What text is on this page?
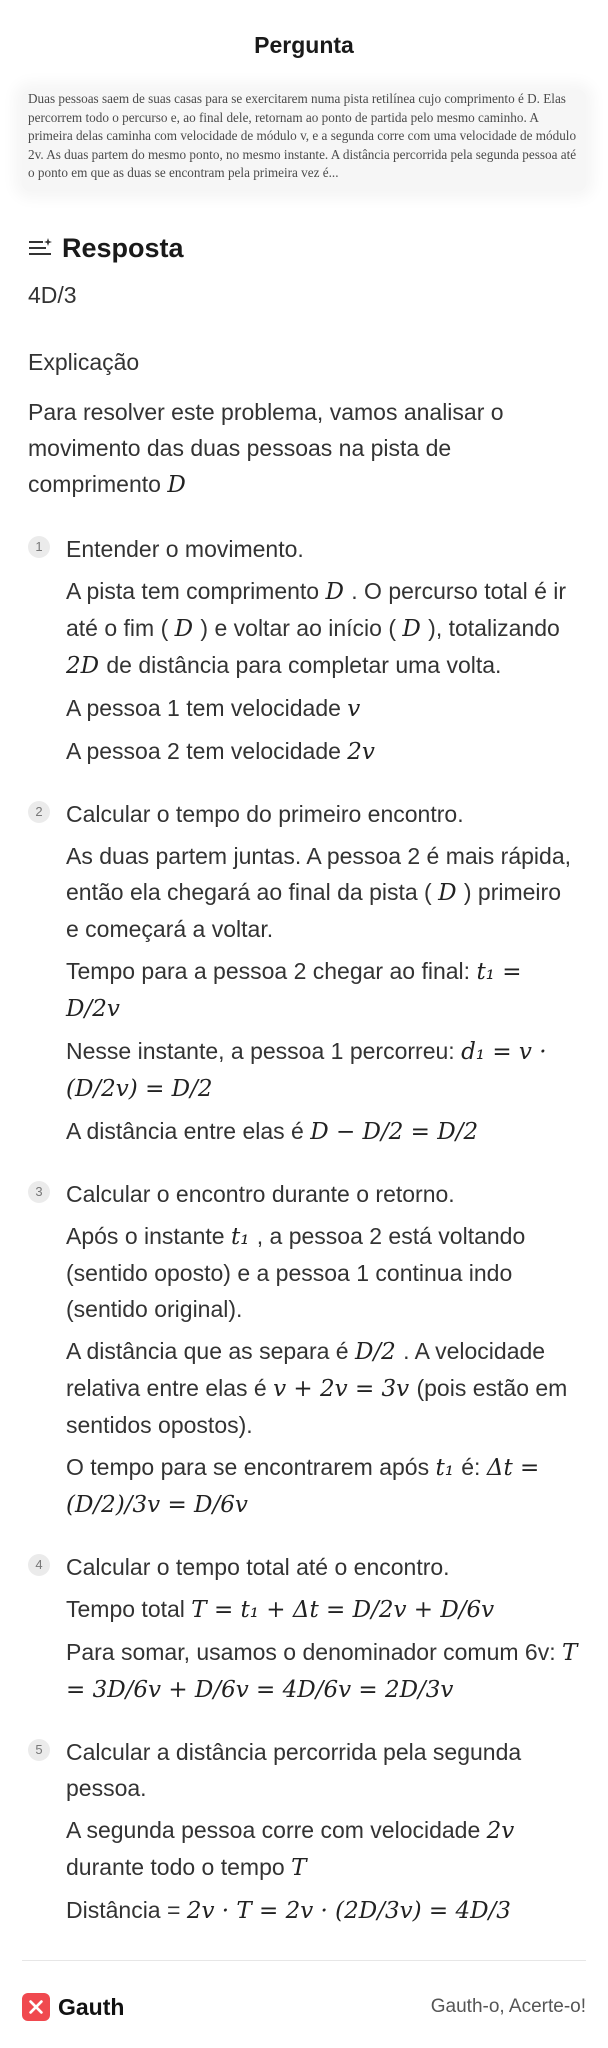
Pergunta

Duas pessoas saem de suas casas para se exercitarem numa pista retilínea cujo comprimento é D. Elas percorrem todo o percurso e, ao final dele, retornam ao ponto de partida pelo mesmo caminho. A primeira delas caminha com velocidade de módulo v, e a segunda corre com uma velocidade de módulo 2v. As duas partem do mesmo ponto, no mesmo instante. A distância percorrida pela segunda pessoa até o ponto em que as duas se encontram pela primeira vez é...

Resposta
4D/3
Explicação
Para resolver este problema, vamos analisar o movimento das duas pessoas na pista de comprimento D
1	Entender o movimento.
A pista tem comprimento D . O percurso total é ir até o fim ( D ) e voltar ao início ( D ), totalizando 2D de distância para completar uma volta.
A pessoa 1 tem velocidade v
A pessoa 2 tem velocidade 2v
2	Calcular o tempo do primeiro encontro.
As duas partem juntas. A pessoa 2 é mais rápida, então ela chegará ao final da pista ( D ) primeiro e começará a voltar.
Tempo para a pessoa 2 chegar ao final: t₁ = D/2v
Nesse instante, a pessoa 1 percorreu: d₁ = v · (D/2v) = D/2
A distância entre elas é D − D/2 = D/2
3	Calcular o encontro durante o retorno.
Após o instante t₁ , a pessoa 2 está voltando (sentido oposto) e a pessoa 1 continua indo (sentido original).
A distância que as separa é D/2 . A velocidade relativa entre elas é v + 2v = 3v (pois estão em sentidos opostos).
O tempo para se encontrarem após t₁ é: Δt = (D/2)/3v = D/6v
4	Calcular o tempo total até o encontro.
Tempo total T = t₁ + Δt = D/2v + D/6v
Para somar, usamos o denominador comum 6v: T = 3D/6v + D/6v = 4D/6v = 2D/3v
5	Calcular a distância percorrida pela segunda pessoa.
A segunda pessoa corre com velocidade 2v durante todo o tempo T
Distância = 2v · T = 2v · (2D/3v) = 4D/3
Gauth	Gauth-o, Acerte-o!
